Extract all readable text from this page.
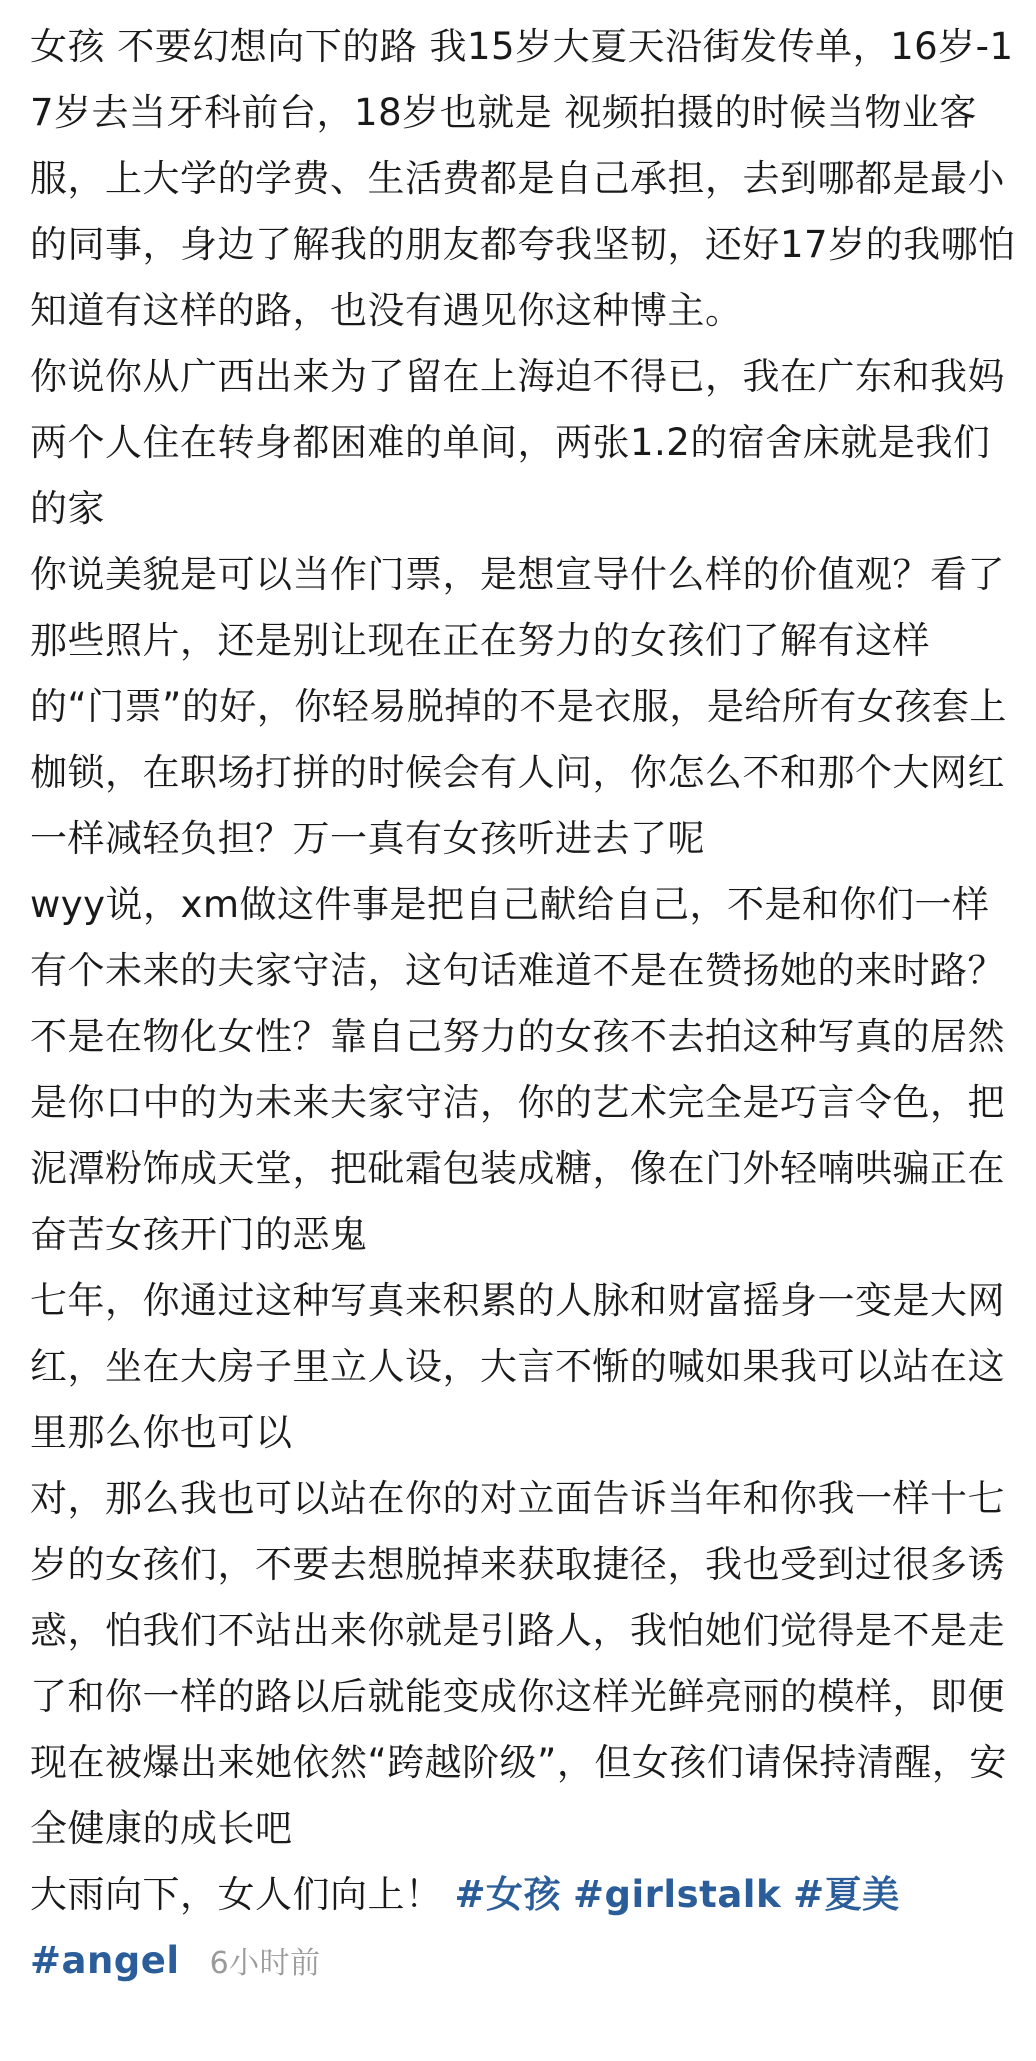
女孩 不要幻想向下的路 我15岁大夏天沿街发传单，16岁-17岁去当牙科前台，18岁也就是 视频拍摄的时候当物业客服，上大学的学费、生活费都是自己承担，去到哪都是最小的同事，身边了解我的朋友都夸我坚韧，还好17岁的我哪怕知道有这样的路，也没有遇见你这种博主。

你说你从广西出来为了留在上海迫不得已，我在广东和我妈两个人住在转身都困难的单间，两张1.2的宿舍床就是我们的家

你说美貌是可以当作门票，是想宣导什么样的价值观？看了那些照片，还是别让现在正在努力的女孩们了解有这样的“门票”的好，你轻易脱掉的不是衣服，是给所有女孩套上枷锁，在职场打拼的时候会有人问，你怎么不和那个大网红一样减轻负担？万一真有女孩听进去了呢

wyy说，xm做这件事是把自己献给自己，不是和你们一样有个未来的夫家守洁，这句话难道不是在赞扬她的来时路？不是在物化女性？靠自己努力的女孩不去拍这种写真的居然是你口中的为未来夫家守洁，你的艺术完全是巧言令色，把泥潭粉饰成天堂，把砒霜包装成糖，像在门外轻喃哄骗正在奋苦女孩开门的恶鬼

七年，你通过这种写真来积累的人脉和财富摇身一变是大网红，坐在大房子里立人设，大言不惭的喊如果我可以站在这里那么你也可以

对，那么我也可以站在你的对立面告诉当年和你我一样十七岁的女孩们，不要去想脱掉来获取捷径，我也受到过很多诱惑，怕我们不站出来你就是引路人，我怕她们觉得是不是走了和你一样的路以后就能变成你这样光鲜亮丽的模样，即便现在被爆出来她依然“跨越阶级”，但女孩们请保持清醒，安全健康的成长吧

大雨向下，女人们向上！ #女孩 #girlstalk #夏美
#angel 6小时前
